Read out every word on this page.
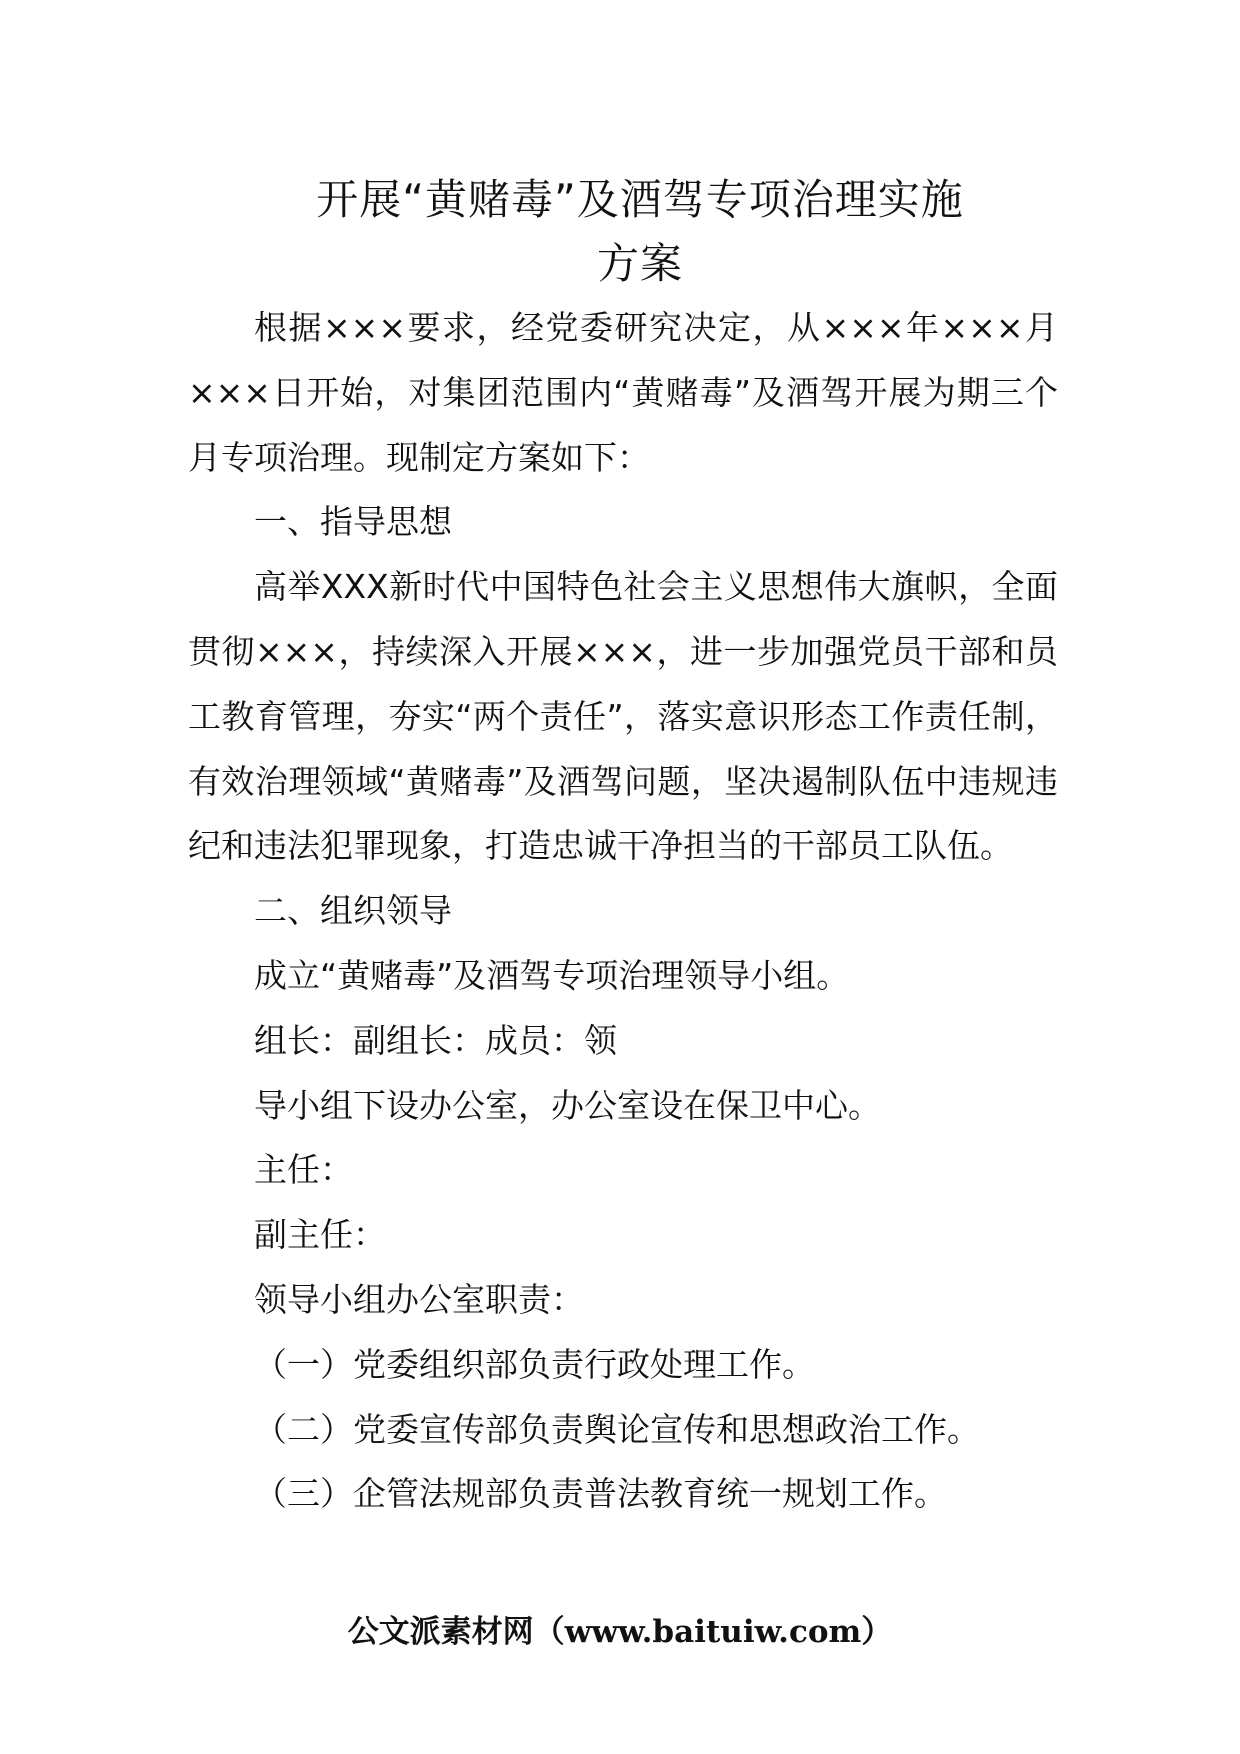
开展“黄赌毒”及酒驾专项治理实施
方案

根据×××要求，经党委研究决定，从×××年×××月×××日开始，对集团范围内“黄赌毒”及酒驾开展为期三个月专项治理。现制定方案如下：

一、指导思想

高举XXX新时代中国特色社会主义思想伟大旗帜，全面贯彻×××，持续深入开展×××，进一步加强党员干部和员工教育管理，夯实“两个责任”，落实意识形态工作责任制，有效治理领域“黄赌毒”及酒驾问题，坚决遏制队伍中违规违纪和违法犯罪现象，打造忠诚干净担当的干部员工队伍。

二、组织领导

成立“黄赌毒”及酒驾专项治理领导小组。

组长：副组长：成员：领

导小组下设办公室，办公室设在保卫中心。

主任：

副主任：

领导小组办公室职责：

（一）党委组织部负责行政处理工作。

（二）党委宣传部负责舆论宣传和思想政治工作。

（三）企管法规部负责普法教育统一规划工作。

公文派素材网（www.baituiw.com）
